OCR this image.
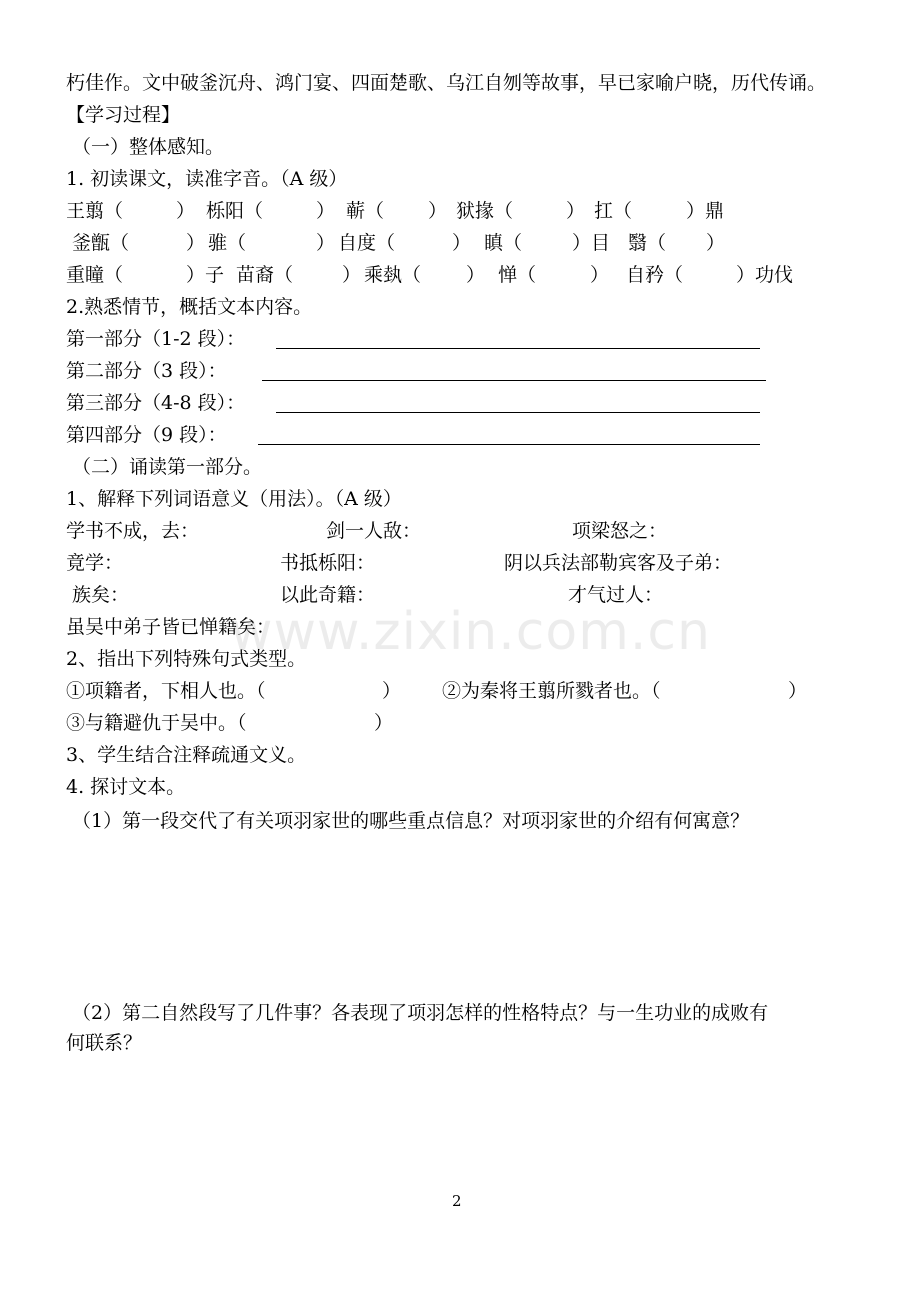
朽佳作。文中破釜沉舟、鸿门宴、四面楚歌、乌江自刎等故事，早已家喻户晓，历代传诵。
【学习过程】
（一）整体感知。
1. 初读课文，读准字音。（A 级）
王翦（	） 栎阳（	） 蕲（ ） 狱掾（	） 扛（	）鼎
釜甑（	） 骓（	） 自度（	） 瞋（	）目 翳（ ）
重瞳（	）子 苗裔（	） 乘埶（ ） 惮（	） 自矜（	）功伐
2.熟悉情节，概括文本内容。
第一部分（1-2 段）：
第二部分（3 段）：
第三部分（4-8 段）：
第四部分（9 段）：
（二）诵读第一部分。
1、解释下列词语意义（用法）。（A 级）
学书不成，去：	剑一人敌：	项梁怒之：
竟学：	书抵栎阳：	阴以兵法部勒宾客及子弟：
族矣：	以此奇籍：	才气过人：
虽吴中弟子皆已惮籍矣：
2、指出下列特殊句式类型。
①项籍者，下相人也。（	） ②为秦将王翦所戮者也。（	）
③与籍避仇于吴中。（	）
3、学生结合注释疏通文义。
4. 探讨文本。
（1）第一段交代了有关项羽家世的哪些重点信息？对项羽家世的介绍有何寓意？
（2）第二自然段写了几件事？各表现了项羽怎样的性格特点？与一生功业的成败有
何联系？
www.zixin.com.cn
2
